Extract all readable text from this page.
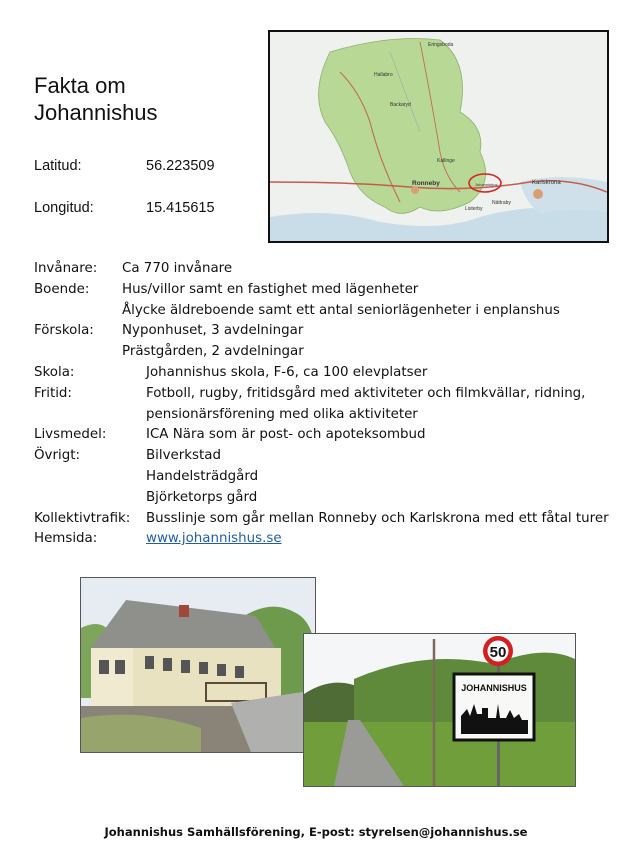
Fakta om
Johannishus
Latitud:	56.223509
Longitud:	15.415615
Eringsboda
Hallabro
Backaryd
Kallinge
Ronneby	Johannishus
Nättraby
Karlskrona
Listerby
Invånare: Ca 770 invånare
Boende: Hus/villor samt en fastighet med lägenheter
Ålycke äldreboende samt ett antal seniorlägenheter i enplanshus
Förskola: Nyponhuset, 3 avdelningar
Prästgården, 2 avdelningar
Skola:	Johannishus skola, F-6, ca 100 elevplatser
Fritid:	Fotboll, rugby, fritidsgård med aktiviteter och filmkvällar, ridning,
pensionärsförening med olika aktiviteter
Livsmedel:	ICA Nära som är post- och apoteksombud
Övrigt:	Bilverkstad
Handelsträdgård
Björketorps gård
Kollektivtrafik: Busslinje som går mellan Ronneby och Karlskrona med ett fåtal turer
Hemsida:	www.johannishus.se
50
JOHANNISHUS
Johannishus Samhällsförening, E-post: styrelsen@johannishus.se
